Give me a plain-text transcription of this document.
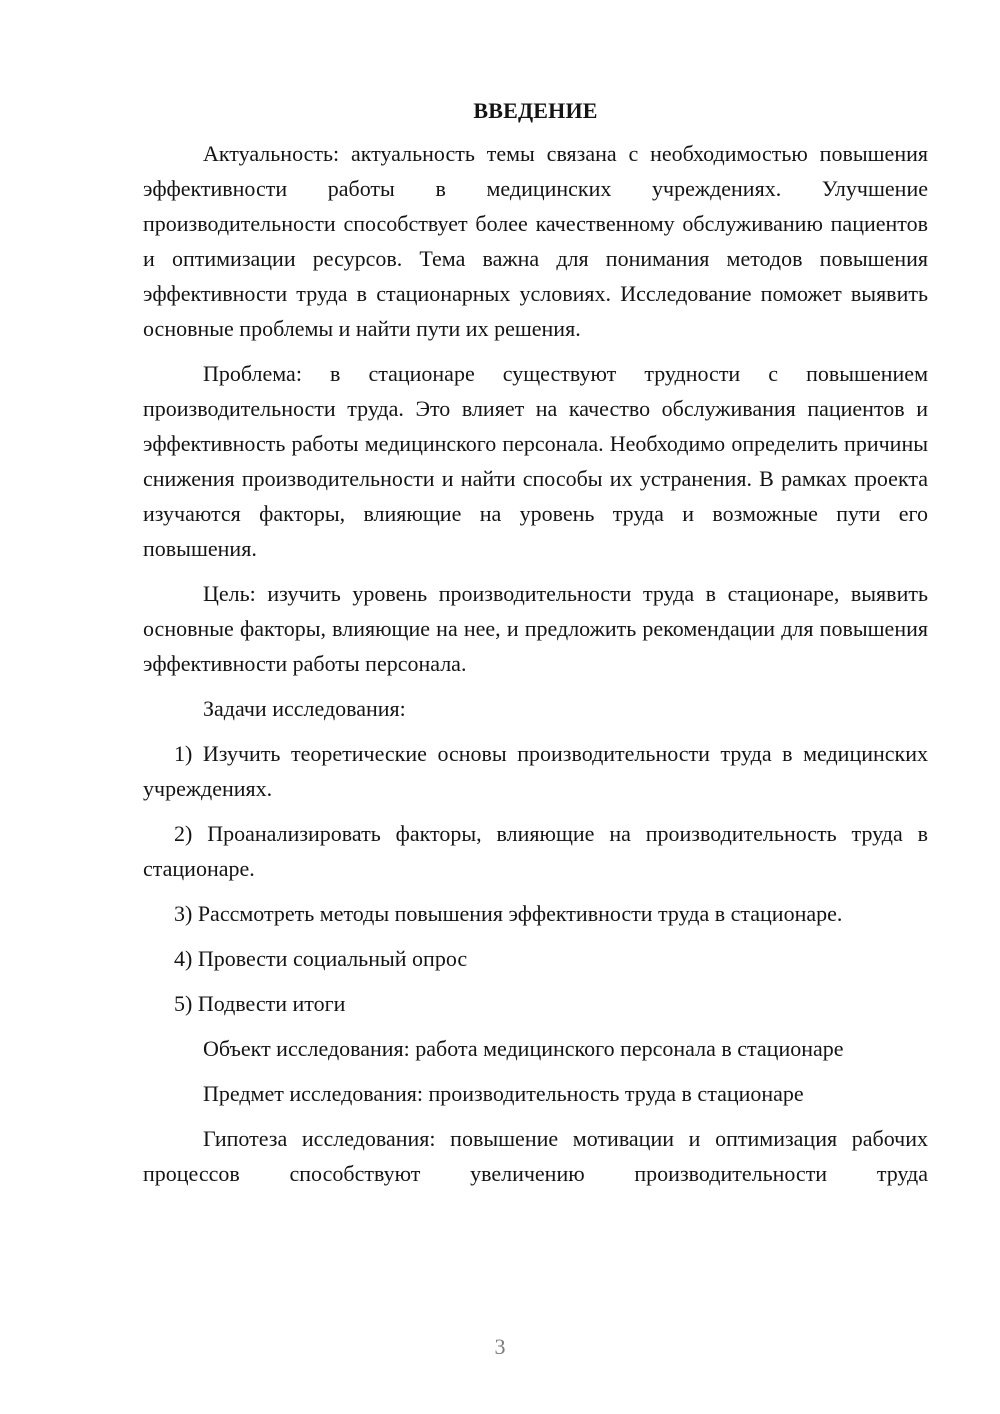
ВВЕДЕНИЕ
Актуальность: актуальность темы связана с необходимостью повышения эффективности работы в медицинских учреждениях. Улучшение производительности способствует более качественному обслуживанию пациентов и оптимизации ресурсов. Тема важна для понимания методов повышения эффективности труда в стационарных условиях. Исследование поможет выявить основные проблемы и найти пути их решения.
Проблема: в стационаре существуют трудности с повышением производительности труда. Это влияет на качество обслуживания пациентов и эффективность работы медицинского персонала. Необходимо определить причины снижения производительности и найти способы их устранения. В рамках проекта изучаются факторы, влияющие на уровень труда и возможные пути его повышения.
Цель: изучить уровень производительности труда в стационаре, выявить основные факторы, влияющие на нее, и предложить рекомендации для повышения эффективности работы персонала.
Задачи исследования:
1) Изучить теоретические основы производительности труда в медицинских учреждениях.
2) Проанализировать факторы, влияющие на производительность труда в стационаре.
3) Рассмотреть методы повышения эффективности труда в стационаре.
4) Провести социальный опрос
5) Подвести итоги
Объект исследования: работа медицинского персонала в стационаре
Предмет исследования: производительность труда в стационаре
Гипотеза исследования: повышение мотивации и оптимизация рабочих процессов способствуют увеличению производительности труда
3
